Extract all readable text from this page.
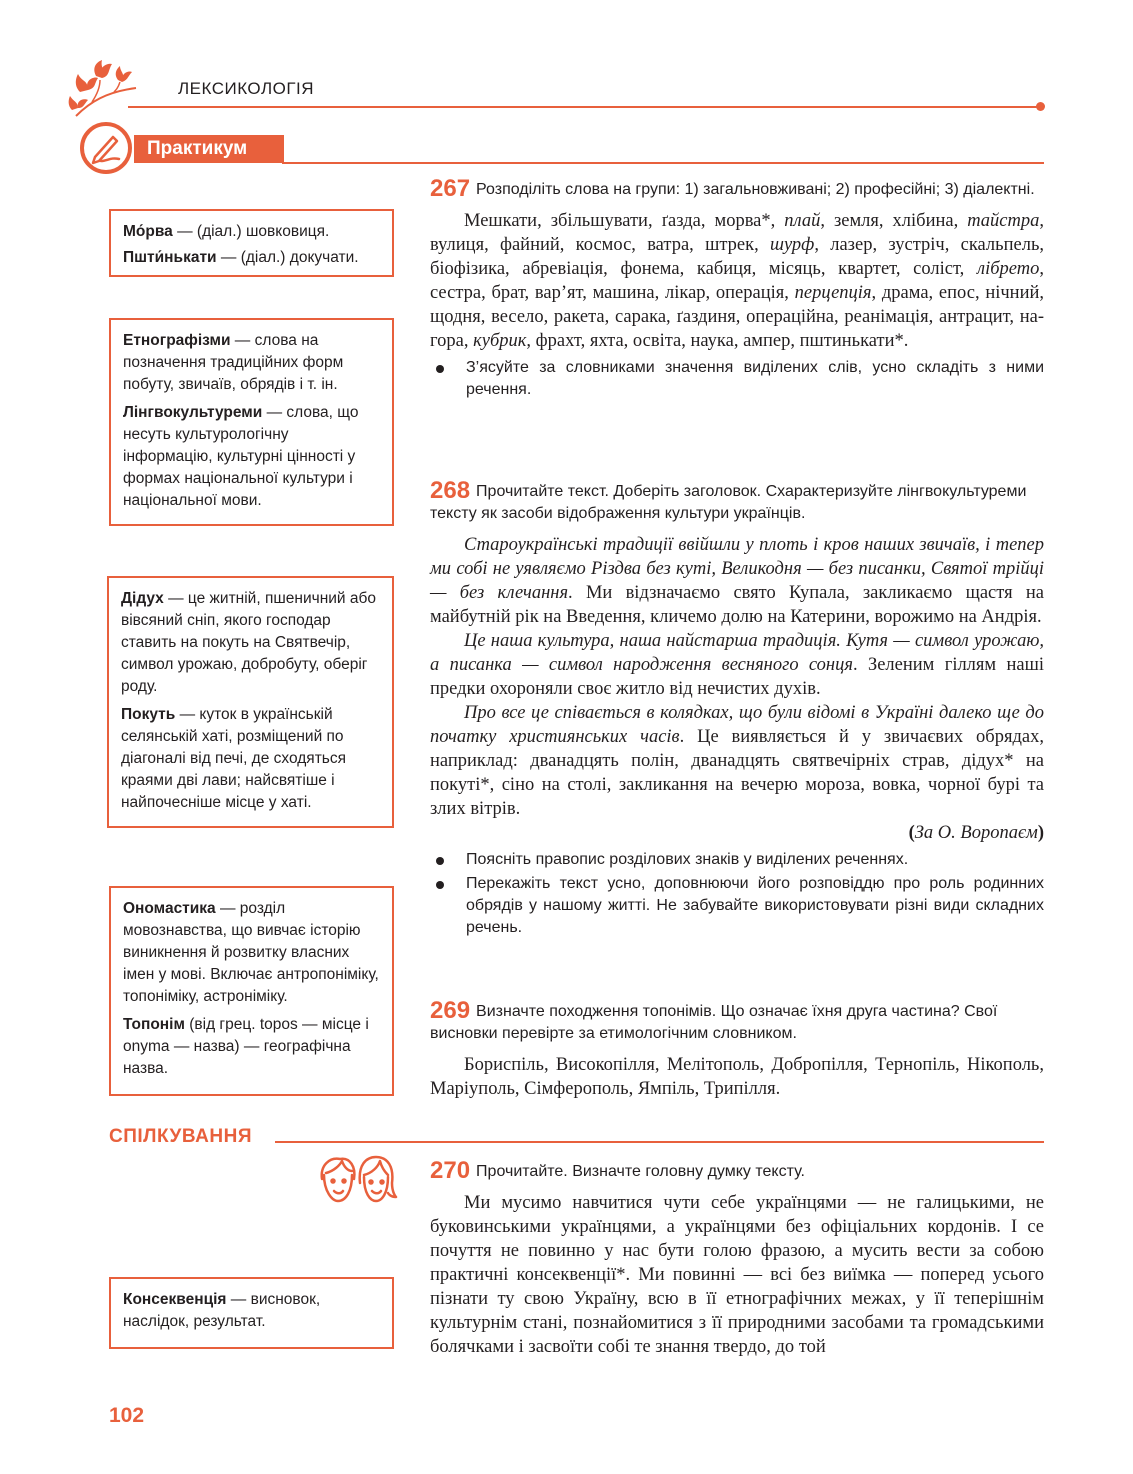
ЛЕКСИКОЛОГІЯ
Практикум

Мо́рва — (діал.) шовковиця.

Пшти́нькати — (діал.) докучати.

Етнографізми — слова на позначення традиційних форм побуту, звичаїв, обрядів і т. ін.

Лінгвокультуреми — слова, що несуть культурологічну інформацію, культурні цінності у формах національної культури і національної мови.

Дідух — це житній, пшеничний або вівсяний сніп, якого господар ставить на покуть на Святвечір, символ урожаю, добробуту, оберіг роду.

Покуть — куток в українській селянській хаті, розміщений по діагоналі від печі, де сходяться краями дві лави; найсвятіше і найпочесніше місце у хаті.

Ономастика — розділ мовознавства, що вивчає історію виникнення й розвитку власних імен у мові. Включає антропоніміку, топоніміку, астроніміку.

Топонім (від грец. topos — місце і onyma — назва) — географічна назва.

Консеквенція — висновок, наслідок, результат.

267 Розподіліть слова на групи: 1) загальновживані; 2) професійні; 3) діалектні.

Мешкати, збільшувати, ґазда, морва*, плай, земля, хлібина, тайстра, вулиця, файний, космос, ватра, штрек, шурф, лазер, зустріч, скальпель, біофізика, абревіація, фонема, кабиця, місяць, квартет, соліст, лібрето, сестра, брат, вар’ят, машина, лікар, операція, перцепція, драма, епос, нічний, щодня, весело, ракета, сарака, ґаздиня, операційна, реанімація, антрацит, на-гора, кубрик, фрахт, яхта, освіта, наука, ампер, пштинькати*.

З’ясуйте за словниками значення виділених слів, усно складіть з ними речення.

268 Прочитайте текст. Доберіть заголовок. Схарактеризуйте лінгвокультуреми тексту як засоби відображення культури українців.

Староукраїнські традиції ввійшли у плоть і кров наших звичаїв, і тепер ми собі не уявляємо Різдва без куті, Великодня — без писанки, Святої трійці — без клечання. Ми відзначаємо свято Купала, закликаємо щастя на майбутній рік на Введення, кличемо долю на Катерини, ворожимо на Андрія.

Це наша культура, наша найстарша традиція. Кутя — символ урожаю, а писанка — символ народження весняного сонця. Зеленим гіллям наші предки охороняли своє житло від нечистих духів.

Про все це співається в колядках, що були відомі в Україні далеко ще до початку християнських часів. Це виявляється й у звичаєвих обрядах, наприклад: дванадцять полін, дванадцять святвечірніх страв, дідух* на покуті*, сіно на столі, закликання на вечерю мороза, вовка, чорної бурі та злих вітрів.

(За О. Воропаєм)
Поясніть правопис розділових знаків у виділених реченнях.
Перекажіть текст усно, доповнюючи його розповіддю про роль родинних обрядів у нашому житті. Не забувайте використовувати різні види складних речень.

269 Визначте походження топонімів. Що означає їхня друга частина? Свої висновки перевірте за етимологічним словником.

Бориспіль, Високопілля, Мелітополь, Добропілля, Тернопіль, Нікополь, Маріуполь, Сімферополь, Ямпіль, Трипілля.

СПІЛКУВАННЯ

270 Прочитайте. Визначте головну думку тексту.

Ми мусимо навчитися чути себе українцями — не галицькими, не буковинськими українцями, а українцями без офіціальних кордонів. І се почуття не повинно у нас бути голою фразою, а мусить вести за собою практичні консеквенції*. Ми повинні — всі без виїмка — поперед усього пізнати ту свою Україну, всю в її етнографічних межах, у її теперішнім культурнім стані, познайомитися з її природними засобами та громадськими болячками і засвоїти собі те знання твердо, до той

102
